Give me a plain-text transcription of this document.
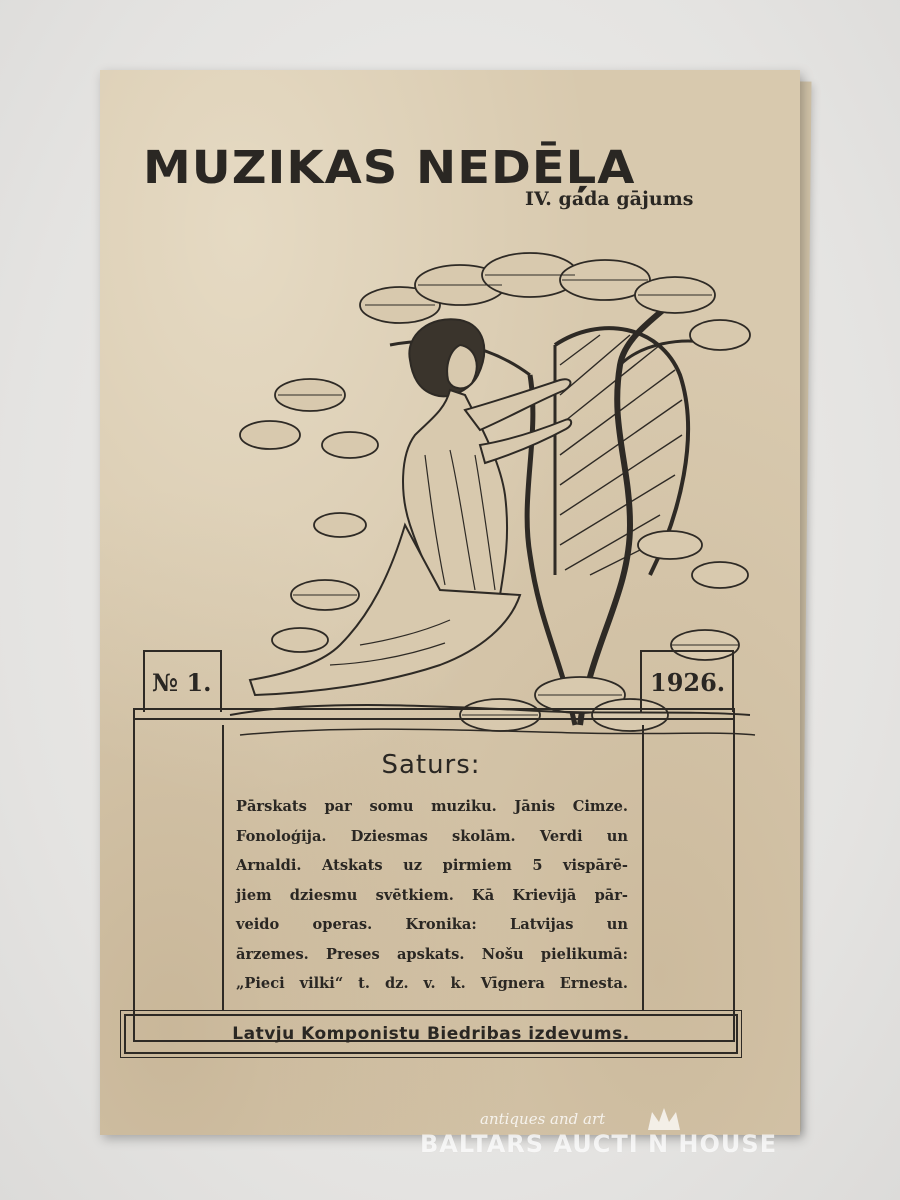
MUZIKAS NEDĒĻA
IV. gada gājums
№ 1.	1926.
Saturs:
Pārskats par somu muziku. Jānis Cimze.
Fonoloģija. Dziesmas skolām. Verdi un
Arnaldi. Atskats uz pirmiem 5 vispārē-
jiem dziesmu svētkiem. Kā Krievijā pār-
veido operas. Kronika: Latvijas un
ārzemes. Preses apskats. Nošu pielikumā:
„Pieci vilki“ t. dz. v. k. Vīgnera Ernesta.
Latvju Komponistu Biedribas izdevums.
antiques and art
BALTARS AUCTI N HOUSE
